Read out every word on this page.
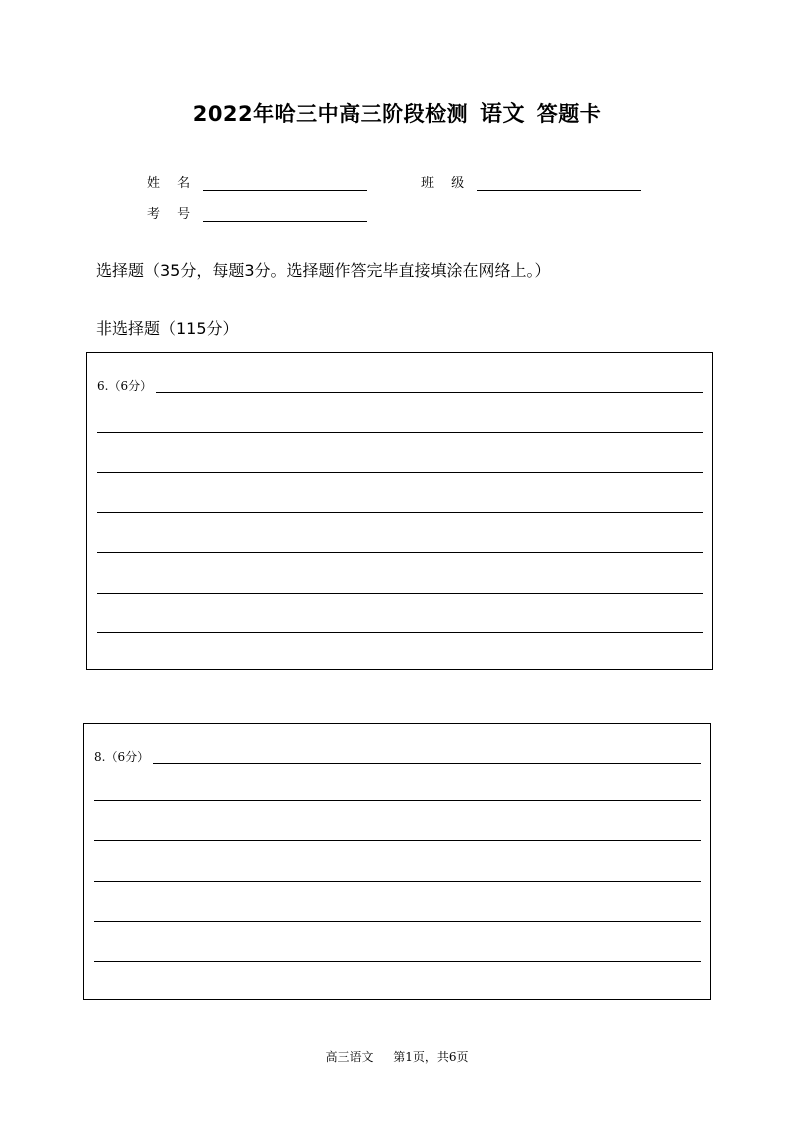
2022年哈三中高三阶段检测 语文 答题卡
姓　 名	班　 级
考　 号
选择题（35分，每题3分。选择题作答完毕直接填涂在网络上。）
非选择题（115分）
6.（6分）
8.（6分）
高三语文 第1页，共6页
